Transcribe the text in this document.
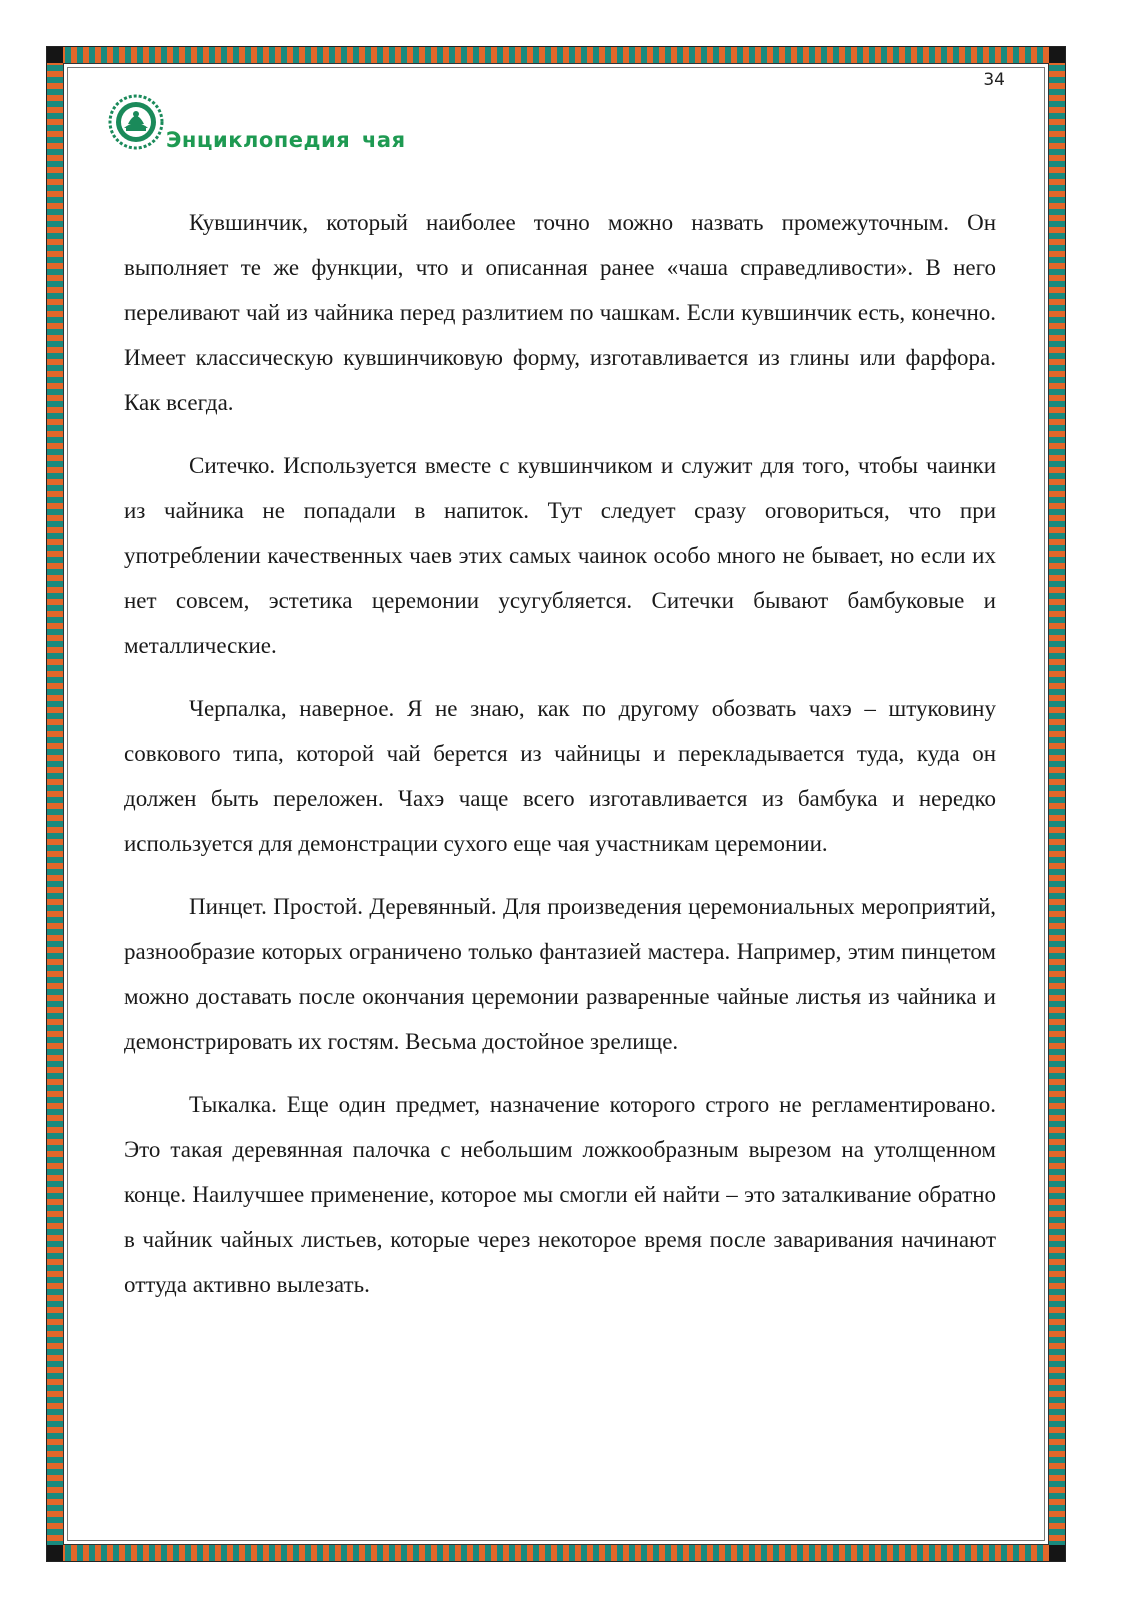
34
Энциклопедия чая

Кувшинчик, который наиболее точно можно назвать промежуточным. Он выполняет те же функции, что и описанная ранее «чаша справедливости». В него переливают чай из чайника перед разлитием по чашкам. Если кувшинчик есть, конечно. Имеет классическую кувшинчиковую форму, изготавливается из глины или фарфора. Как всегда.

Ситечко. Используется вместе с кувшинчиком и служит для того, чтобы чаинки из чайника не попадали в напиток. Тут следует сразу оговориться, что при употреблении качественных чаев этих самых чаинок особо много не бывает, но если их нет совсем, эстетика церемонии усугубляется. Ситечки бывают бамбуковые и металлические.

Черпалка, наверное. Я не знаю, как по другому обозвать чахэ – штуковину совкового типа, которой чай берется из чайницы и перекладывается туда, куда он должен быть переложен. Чахэ чаще всего изготавливается из бамбука и нередко используется для демонстрации сухого еще чая участникам церемонии.

Пинцет. Простой. Деревянный. Для произведения церемониальных мероприятий, разнообразие которых ограничено только фантазией мастера. Например, этим пинцетом можно доставать после окончания церемонии разваренные чайные листья из чайника и демонстрировать их гостям. Весьма достойное зрелище.

Тыкалка. Еще один предмет, назначение которого строго не регламентировано. Это такая деревянная палочка с небольшим ложкообразным вырезом на утолщенном конце. Наилучшее применение, которое мы смогли ей найти – это заталкивание обратно в чайник чайных листьев, которые через некоторое время после заваривания начинают оттуда активно вылезать.
